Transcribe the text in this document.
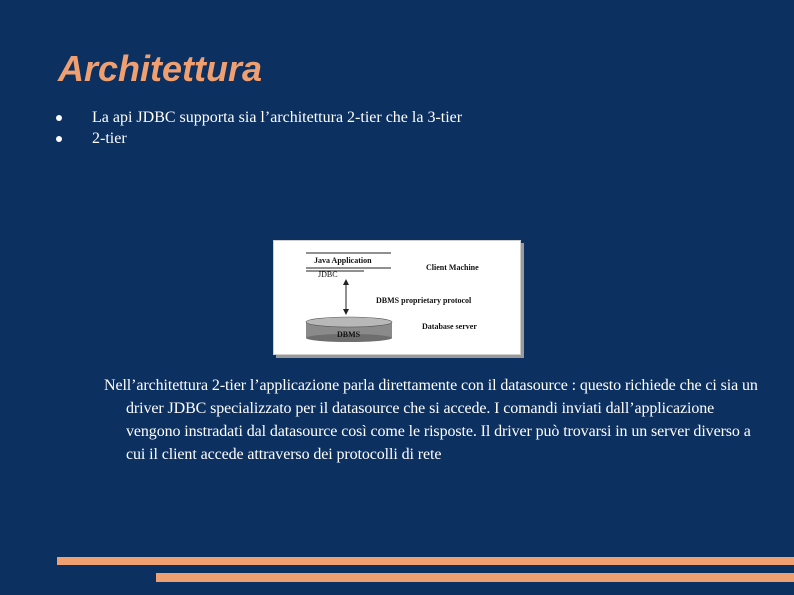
Architettura
La api JDBC supporta sia l’architettura 2-tier che la 3-tier
2-tier
Java Application
JDBC
Client Machine
DBMS proprietary protocol
DBMS
Database server

Nell’architettura 2-tier l’applicazione parla direttamente con il datasource : questo richiede che ci sia un driver JDBC specializzato per il datasource che si accede. I comandi inviati dall’applicazione vengono instradati dal datasource così come le risposte. Il driver può trovarsi in un server diverso a cui il client accede attraverso dei protocolli di rete
